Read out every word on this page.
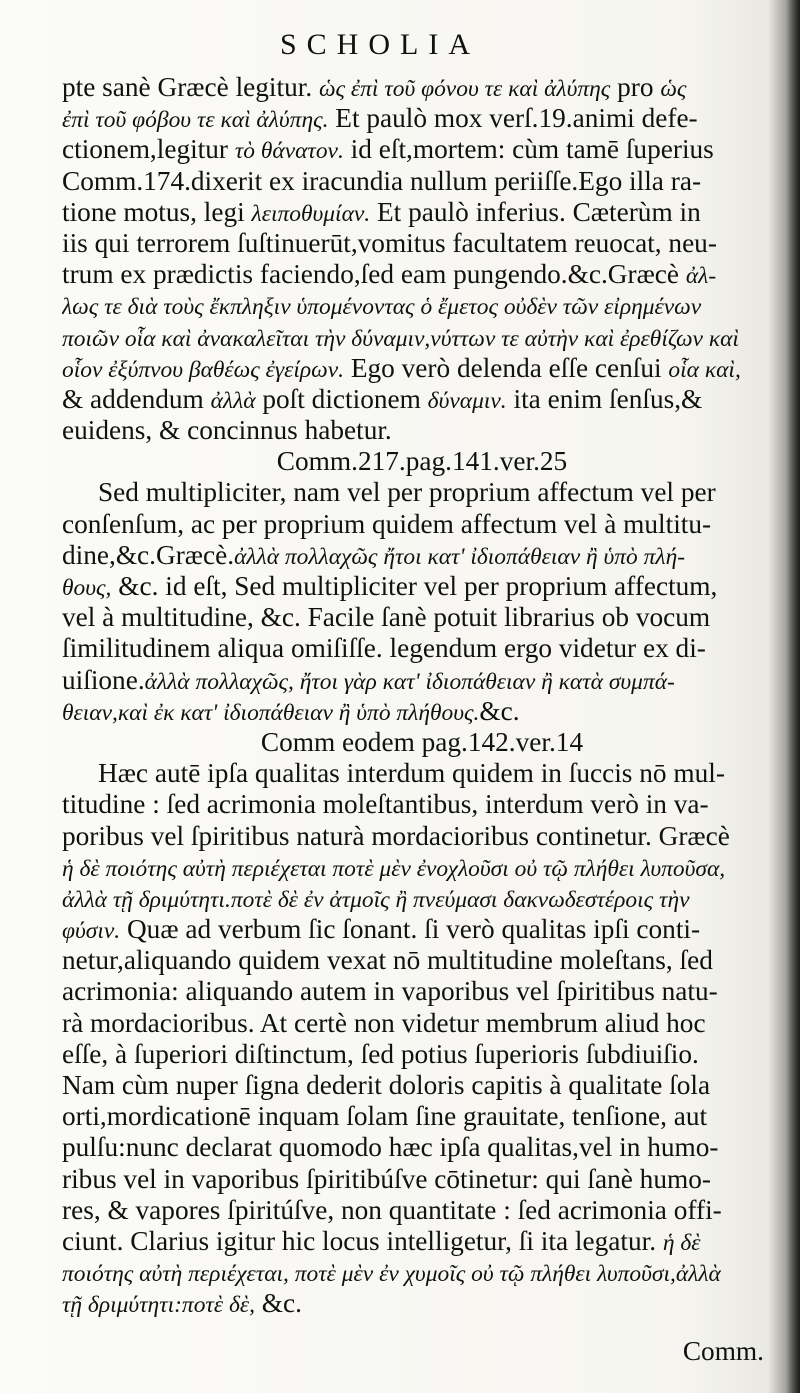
SCHOLIA
pte sanè Græcè legitur. ὡς ἐπὶ τοῦ φόνου τε καὶ ἀλύπης pro ὡς
ἐπὶ τοῦ φόβου τε καὶ ἀλύπης. Et paulò mox verſ.19.animi defe-
ctionem,legitur τὸ θάνατον. id eſt,mortem: cùm tamē ſuperius
Comm.174.dixerit ex iracundia nullum periiſſe.Ego illa ra-
tione motus, legi λειποθυμίαν. Et paulò inferius. Cæterùm in
iis qui terrorem ſuſtinuerūt,vomitus facultatem reuocat, neu-
trum ex prædictis faciendo,ſed eam pungendo.&c.Græcè ἀλ-
λως τε διὰ τοὺς ἔκπληξιν ὑπομένοντας ὁ ἔμετος οὐδὲν τῶν εἰρημένων
ποιῶν οἷα καὶ ἀνακαλεῖται τὴν δύναμιν,νύττων τε αὐτὴν καὶ ἐρεθίζων καὶ
οἷον ἐξύπνου βαθέως ἐγείρων. Ego verò delenda eſſe cenſui οἷα καὶ,
& addendum ἀλλὰ poſt dictionem δύναμιν. ita enim ſenſus,&
euidens, & concinnus habetur.
Comm.217.pag.141.ver.25
Sed multipliciter, nam vel per proprium affectum vel per
conſenſum, ac per proprium quidem affectum vel à multitu-
dine,&c.Græcè.ἀλλὰ πολλαχῶς ἤτοι κατ' ἰδιοπάθειαν ἢ ὑπὸ πλή-
θους, &c. id eſt, Sed multipliciter vel per proprium affectum,
vel à multitudine, &c. Facile ſanè potuit librarius ob vocum
ſimilitudinem aliqua omiſiſſe. legendum ergo videtur ex di-
uiſione.ἀλλὰ πολλαχῶς, ἤτοι γὰρ κατ' ἰδιοπάθειαν ἢ κατὰ συμπά-
θειαν,καὶ ἐκ κατ' ἰδιοπάθειαν ἢ ὑπὸ πλήθους.&c.
Comm eodem pag.142.ver.14
Hæc autē ipſa qualitas interdum quidem in ſuccis nō mul-
titudine : ſed acrimonia moleſtantibus, interdum verò in va-
poribus vel ſpiritibus naturà mordacioribus continetur. Græcè
ἡ δὲ ποιότης αὐτὴ περιέχεται ποτὲ μὲν ἐνοχλοῦσι οὐ τῷ πλήθει λυποῦσα,
ἀλλὰ τῇ δριμύτητι.ποτὲ δὲ ἐν ἀτμοῖς ἢ πνεύμασι δακνωδεστέροις τὴν
φύσιν. Quæ ad verbum ſic ſonant. ſi verò qualitas ipſi conti-
netur,aliquando quidem vexat nō multitudine moleſtans, ſed
acrimonia: aliquando autem in vaporibus vel ſpiritibus natu-
rà mordacioribus. At certè non videtur membrum aliud hoc
eſſe, à ſuperiori diſtinctum, ſed potius ſuperioris ſubdiuiſio.
Nam cùm nuper ſigna dederit doloris capitis à qualitate ſola
orti,mordicationē inquam ſolam ſine grauitate, tenſione, aut
pulſu:nunc declarat quomodo hæc ipſa qualitas,vel in humo-
ribus vel in vaporibus ſpiritibúſve cōtinetur: qui ſanè humo-
res, & vapores ſpiritúſve, non quantitate : ſed acrimonia offi-
ciunt. Clarius igitur hic locus intelligetur, ſi ita legatur. ἡ δὲ
ποιότης αὐτὴ περιέχεται, ποτὲ μὲν ἐν χυμοῖς οὐ τῷ πλήθει λυποῦσι,ἀλλὰ
τῇ δριμύτητι:ποτὲ δὲ, &c.
Comm.
